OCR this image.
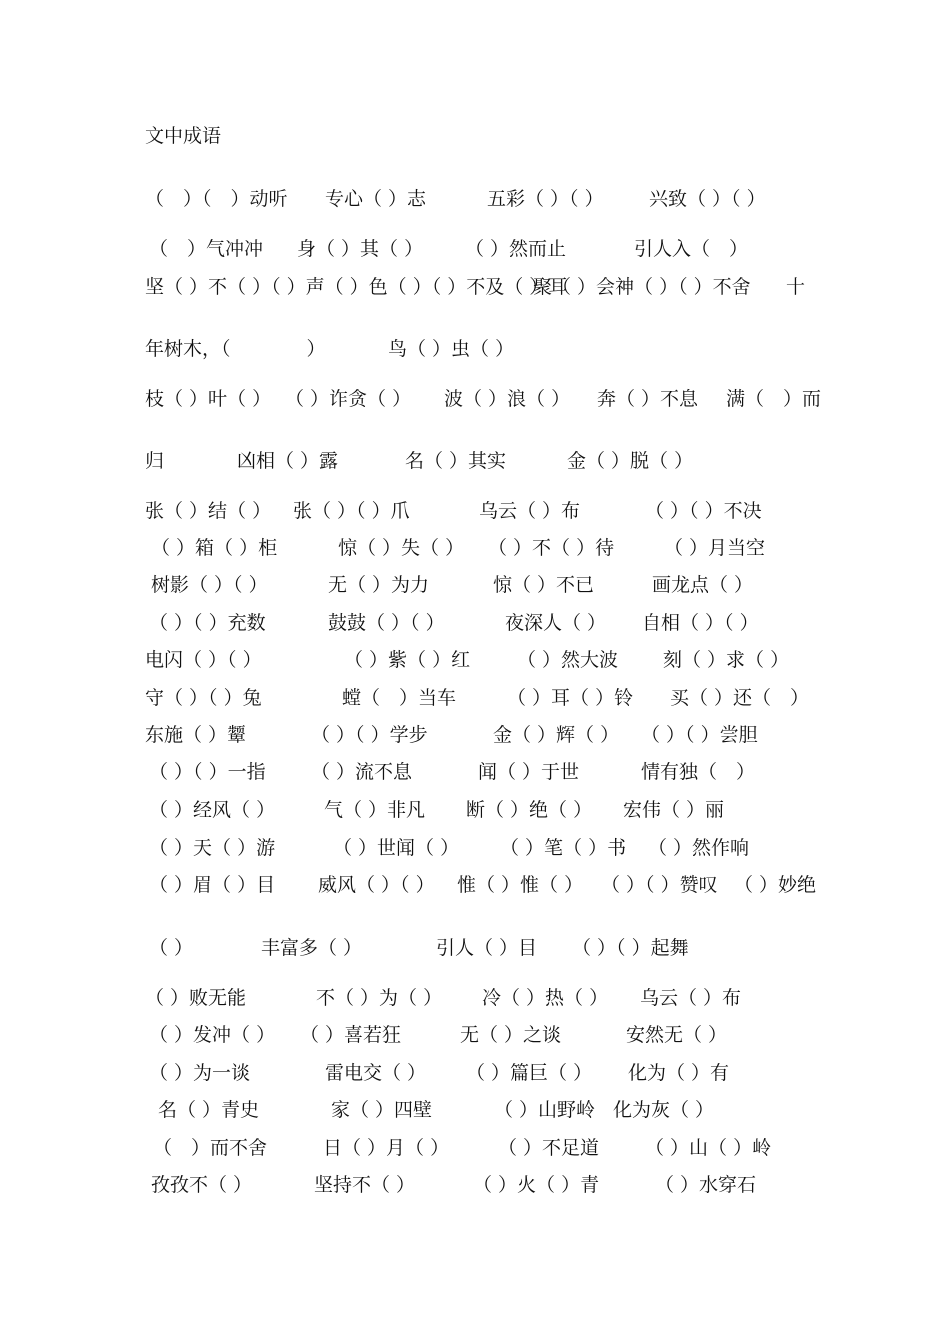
文中成语

（　）（　）动听

专心（ ）志

	五彩（ ）（ ）

兴致（ ）（ ）

（　）气冲冲

身（ ）其（ ）

（ ）然而止

	引人入（　）

坚（ ）不（ ）（ ）声（ ）色（ ）（ ）不及（ ）耳

聚（ ）会神（ ）（ ）不舍

十

年树木，（　　　　）

	鸟（ ）虫（ ）

枝（ ）叶（ ）

（ ）诈贪（ ）

波（ ）浪（ ）

奔（ ）不息

满（　）而

归

	凶相（ ）露

	名（ ）其实

	金（ ）脱（ ）

张（ ）结（ ）

张（ ）（ ）爪

	乌云（ ）布

	（ ）（ ）不决

（ ）箱（ ）柜

	惊（ ）失（ ）

（ ）不（ ）待

	（ ）月当空

树影（ ）（ ）

	无（ ）为力

	惊（ ）不已

	画龙点（ ）

（ ）（ ）充数

	鼓鼓（ ）（ ）

	夜深人（ ）

自相（ ）（ ）

电闪（ ）（ ）

	（ ）紫（ ）红

（ ）然大波

刻（ ）求（ ）

守（ ）（ ）兔

	螳（　）当车

	（ ）耳（ ）铃

买（ ）还（　）

东施（ ）颦

	（ ）（ ）学步

	金（ ）辉（ ）

（ ）（ ）尝胆

（ ）（ ）一指

（ ）流不息

	闻（ ）于世

	情有独（　）

（ ）经风（ ）

	气（ ）非凡

断（ ）绝（ ）

宏伟（ ）丽

（ ）天（ ）游

	（ ）世闻（ ）

（ ）笔（ ）书

（ ）然作响

（ ）眉（ ）目

威风（ ）（ ）

惟（ ）惟（ ）

（ ）（ ）赞叹

（ ）妙绝

（ ）

	丰富多（ ）

	引人（ ）目

（ ）（ ）起舞

（ ）败无能

	不（ ）为（ ）

冷（ ）热（ ）

乌云（ ）布

（ ）发冲（ ）

（ ）喜若狂

	无（ ）之谈

	安然无（ ）

（ ）为一谈

	雷电交（ ）

（ ）篇巨（ ）

化为（ ）有

名（ ）青史

	家（ ）四壁

	（ ）山野岭

化为灰（ ）

（　）而不舍

	日（ ）月（ ）

	（ ）不足道

（ ）山（ ）岭

孜孜不（ ）

	坚持不（ ）

	（ ）火（ ）青

	（ ）水穿石
